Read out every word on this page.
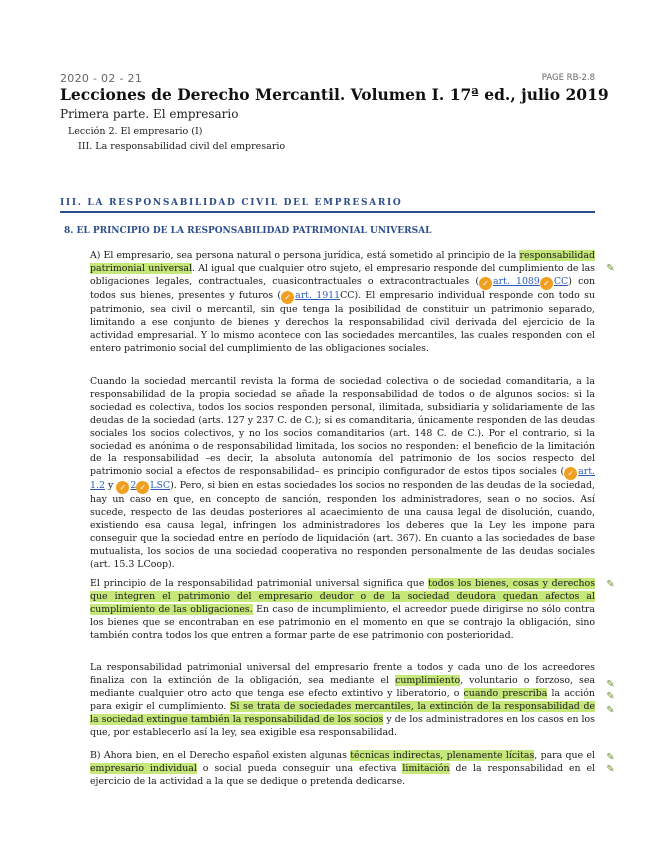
2020 - 02 - 21	PAGE RB-2.8
Lecciones de Derecho Mercantil. Volumen I. 17ª ed., julio 2019
Primera parte. El empresario
Lección 2. El empresario (I)
III. La responsabilidad civil del empresario
III. LA RESPONSABILIDAD CIVIL DEL EMPRESARIO
8. EL PRINCIPIO DE LA RESPONSABILIDAD PATRIMONIAL UNIVERSAL

A) El empresario, sea persona natural o persona jurídica, está sometido al principio de la responsabilidad patrimonial universal. Al igual que cualquier otro sujeto, el empresario responde del cumplimiento de las obligaciones legales, contractuales, cuasicontractuales o extracontractuales ( ✓ art. 1089 ✓ CC) con todos sus bienes, presentes y futuros ( ✓ art. 1911CC). El empresario individual responde con todo su patrimonio, sea civil o mercantil, sin que tenga la posibilidad de constituir un patrimonio separado, limitando a ese conjunto de bienes y derechos la responsabilidad civil derivada del ejercicio de la actividad empresarial. Y lo mismo acontece con las sociedades mercantiles, las cuales responden con el entero patrimonio social del cumplimiento de las obligaciones sociales.

Cuando la sociedad mercantil revista la forma de sociedad colectiva o de sociedad comanditaria, a la responsabilidad de la propia sociedad se añade la responsabilidad de todos o de algunos socios: si la sociedad es colectiva, todos los socios responden personal, ilimitada, subsidiaria y solidariamente de las deudas de la sociedad (arts. 127 y 237 C. de C.); si es comanditaria, únicamente responden de las deudas sociales los socios colectivos, y no los socios comanditarios (art. 148 C. de C.). Por el contrario, si la sociedad es anónima o de responsabilidad limitada, los socios no responden: el beneficio de la limitación de la responsabilidad –es decir, la absoluta autonomía del patrimonio de los socios respecto del patrimonio social a efectos de responsabilidad– es principio configurador de estos tipos sociales ( ✓ art. 1.2 y ✓ 2 ✓ LSC). Pero, si bien en estas sociedades los socios no responden de las deudas de la sociedad, hay un caso en que, en concepto de sanción, responden los administradores, sean o no socios. Así sucede, respecto de las deudas posteriores al acaecimiento de una causa legal de disolución, cuando, existiendo esa causa legal, infringen los administradores los deberes que la Ley les impone para conseguir que la sociedad entre en período de liquidación (art. 367). En cuanto a las sociedades de base mutualista, los socios de una sociedad cooperativa no responden personalmente de las deudas sociales (art. 15.3 LCoop).

El principio de la responsabilidad patrimonial universal significa que todos los bienes, cosas y derechos que integren el patrimonio del empresario deudor o de la sociedad deudora quedan afectos al cumplimiento de las obligaciones. En caso de incumplimiento, el acreedor puede dirigirse no sólo contra los bienes que se encontraban en ese patrimonio en el momento en que se contrajo la obligación, sino también contra todos los que entren a formar parte de ese patrimonio con posterioridad.

La responsabilidad patrimonial universal del empresario frente a todos y cada uno de los acreedores finaliza con la extinción de la obligación, sea mediante el cumplimiento, voluntario o forzoso, sea mediante cualquier otro acto que tenga ese efecto extintivo y liberatorio, o cuando prescriba la acción para exigir el cumplimiento. Si se trata de sociedades mercantiles, la extinción de la responsabilidad de la sociedad extingue también la responsabilidad de los socios y de los administradores en los casos en los que, por establecerlo así la ley, sea exigible esa responsabilidad.

B) Ahora bien, en el Derecho español existen algunas técnicas indirectas, plenamente lícitas, para que el empresario individual o social pueda conseguir una efectiva limitación de la responsabilidad en el ejercicio de la actividad a la que se dedique o pretenda dedicarse.

✎
✎
✎
✎
✎
✎
✎
